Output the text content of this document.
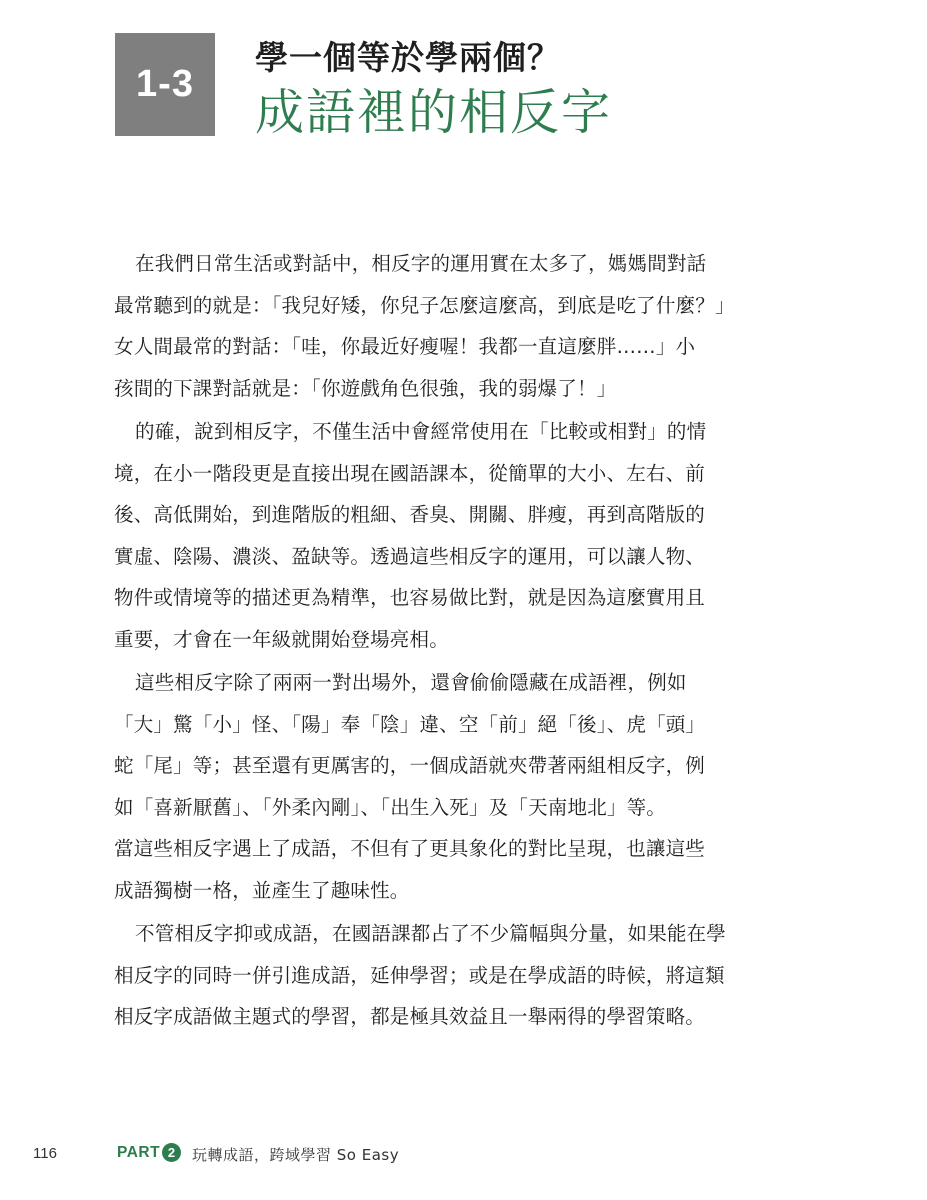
1-3
學一個等於學兩個？
成語裡的相反字

在我們日常生活或對話中，相反字的運用實在太多了，媽媽間對話
最常聽到的就是：「我兒好矮，你兒子怎麼這麼高，到底是吃了什麼？」
女人間最常的對話：「哇，你最近好瘦喔！我都一直這麼胖……」小
孩間的下課對話就是：「你遊戲角色很強，我的弱爆了！」

的確，說到相反字，不僅生活中會經常使用在「比較或相對」的情
境，在小一階段更是直接出現在國語課本，從簡單的大小、左右、前
後、高低開始，到進階版的粗細、香臭、開關、胖瘦，再到高階版的
實虛、陰陽、濃淡、盈缺等。透過這些相反字的運用，可以讓人物、
物件或情境等的描述更為精準，也容易做比對，就是因為這麼實用且
重要，才會在一年級就開始登場亮相。

這些相反字除了兩兩一對出場外，還會偷偷隱藏在成語裡，例如
「大」驚「小」怪、「陽」奉「陰」違、空「前」絕「後」、虎「頭」
蛇「尾」等；甚至還有更厲害的，一個成語就夾帶著兩組相反字，例
如「喜新厭舊」、「外柔內剛」、「出生入死」及「天南地北」等。
當這些相反字遇上了成語，不但有了更具象化的對比呈現，也讓這些
成語獨樹一格，並產生了趣味性。

不管相反字抑或成語，在國語課都占了不少篇幅與分量，如果能在學
相反字的同時一併引進成語，延伸學習；或是在學成語的時候，將這類
相反字成語做主題式的學習，都是極具效益且一舉兩得的學習策略。

116	PART 2	玩轉成語，跨域學習 So Easy
